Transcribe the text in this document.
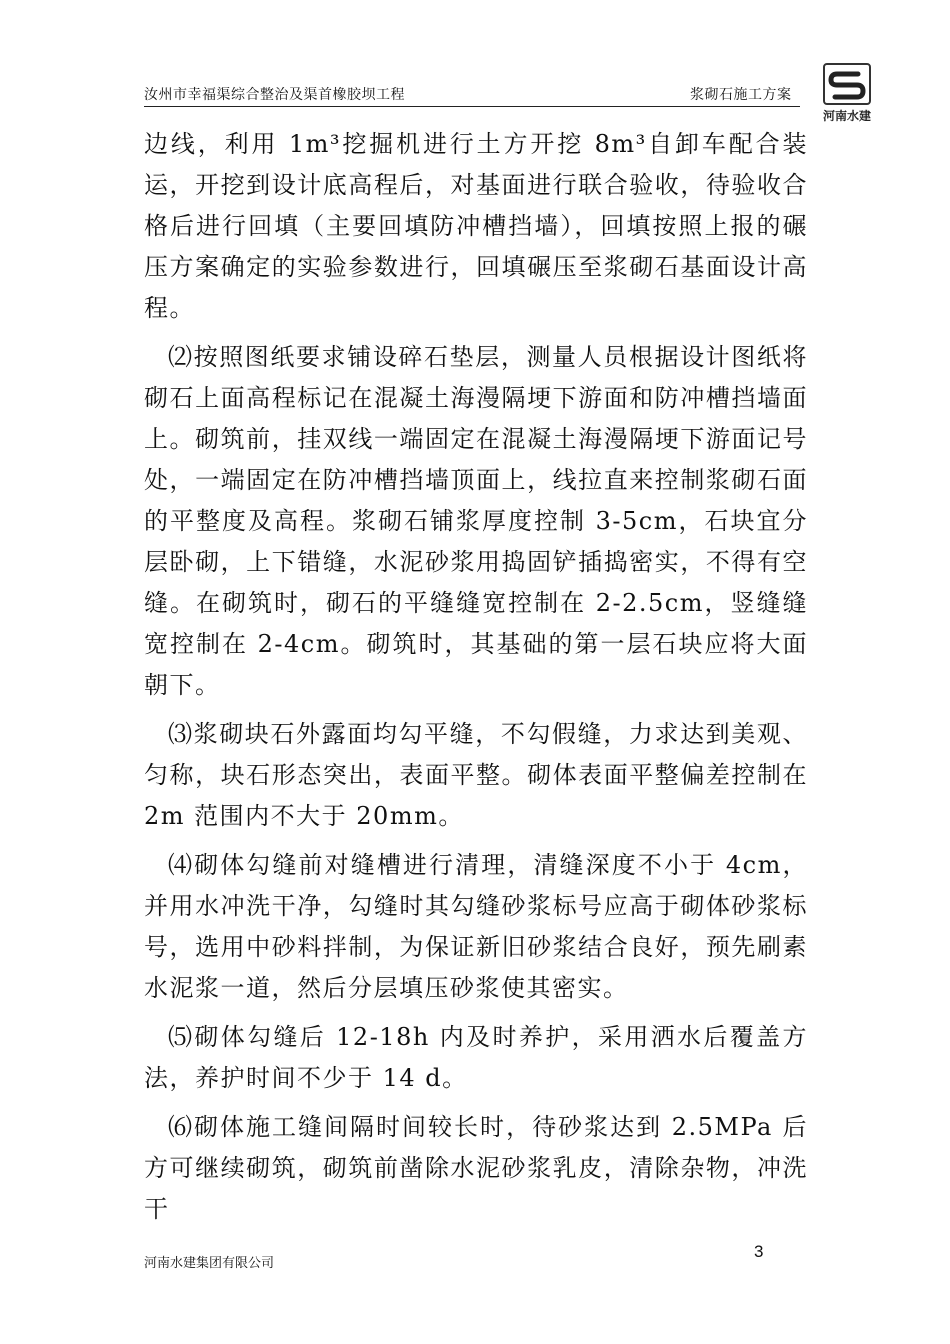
汝州市幸福渠综合整治及渠首橡胶坝工程	浆砌石施工方案
河南水建

边线，利用 1m³挖掘机进行土方开挖 8m³自卸车配合装运，开挖到设计底高程后，对基面进行联合验收，待验收合格后进行回填（主要回填防冲槽挡墙），回填按照上报的碾压方案确定的实验参数进行，回填碾压至浆砌石基面设计高程。

⑵按照图纸要求铺设碎石垫层，测量人员根据设计图纸将砌石上面高程标记在混凝土海漫隔埂下游面和防冲槽挡墙面上。砌筑前，挂双线一端固定在混凝土海漫隔埂下游面记号处，一端固定在防冲槽挡墙顶面上，线拉直来控制浆砌石面的平整度及高程。浆砌石铺浆厚度控制 3-5cm，石块宜分层卧砌，上下错缝，水泥砂浆用捣固铲插捣密实，不得有空缝。在砌筑时，砌石的平缝缝宽控制在 2-2.5cm，竖缝缝宽控制在 2-4cm。砌筑时，其基础的第一层石块应将大面朝下。

⑶浆砌块石外露面均勾平缝，不勾假缝，力求达到美观、匀称，块石形态突出，表面平整。砌体表面平整偏差控制在 2m 范围内不大于 20mm。

⑷砌体勾缝前对缝槽进行清理，清缝深度不小于 4cm，并用水冲洗干净，勾缝时其勾缝砂浆标号应高于砌体砂浆标号，选用中砂料拌制，为保证新旧砂浆结合良好，预先刷素水泥浆一道，然后分层填压砂浆使其密实。

⑸砌体勾缝后 12-18h 内及时养护，采用洒水后覆盖方法，养护时间不少于 14 d。

⑹砌体施工缝间隔时间较长时，待砂浆达到 2.5MPa 后方可继续砌筑，砌筑前凿除水泥砂浆乳皮，清除杂物，冲洗干

河南水建集团有限公司
3
